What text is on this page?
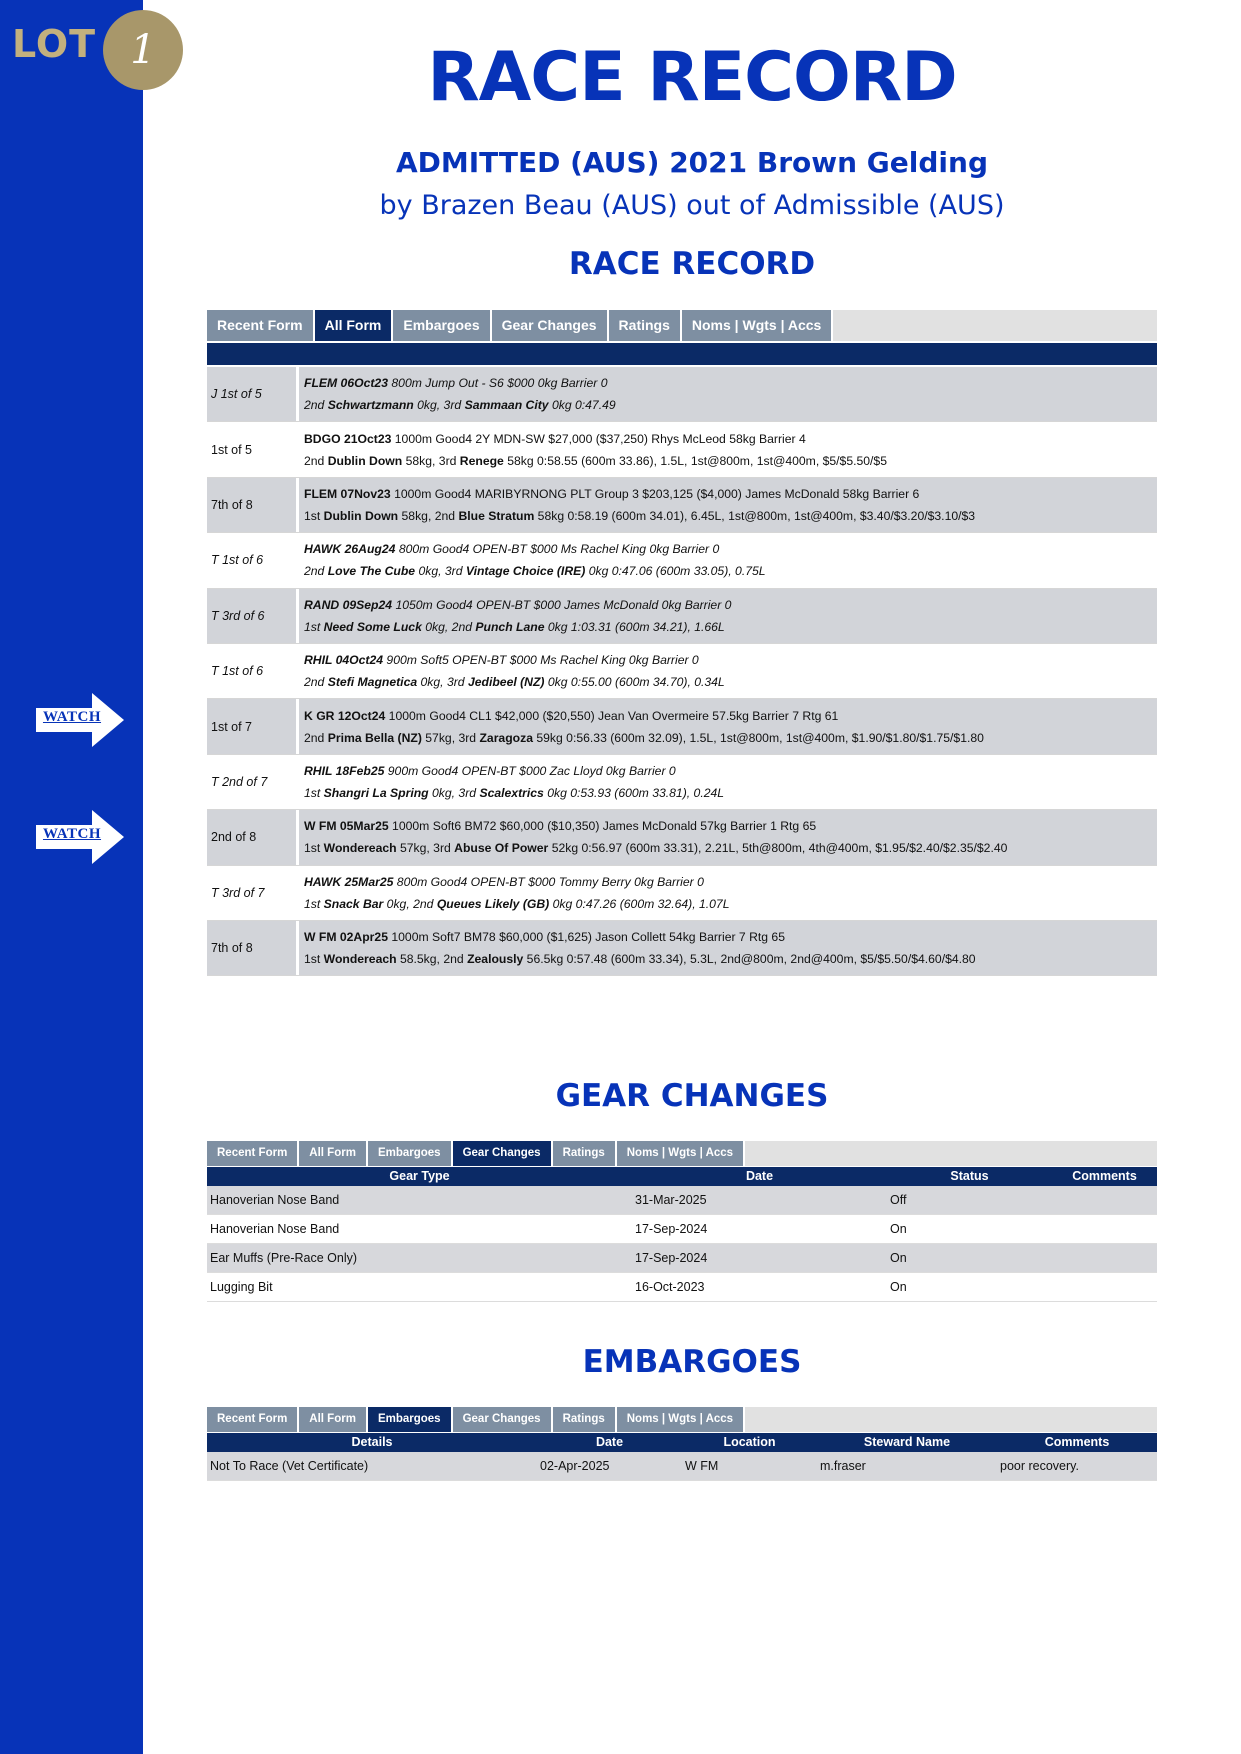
LOT 1
WATCH
WATCH
RACE RECORD
ADMITTED (AUS) 2021 Brown Gelding
by Brazen Beau (AUS) out of Admissible (AUS)
RACE RECORD
Recent Form	All Form	Embargoes	Gear Changes	Ratings	Noms | Wgts | Accs
J 1st of 5
FLEM 06Oct23 800m Jump Out - S6 $000 0kg Barrier 0
2nd Schwartzmann 0kg, 3rd Sammaan City 0kg 0:47.49
1st of 5
BDGO 21Oct23 1000m Good4 2Y MDN-SW $27,000 ($37,250) Rhys McLeod 58kg Barrier 4
2nd Dublin Down 58kg, 3rd Renege 58kg 0:58.55 (600m 33.86), 1.5L, 1st@800m, 1st@400m, $5/$5.50/$5
7th of 8
FLEM 07Nov23 1000m Good4 MARIBYRNONG PLT Group 3 $203,125 ($4,000) James McDonald 58kg Barrier 6
1st Dublin Down 58kg, 2nd Blue Stratum 58kg 0:58.19 (600m 34.01), 6.45L, 1st@800m, 1st@400m, $3.40/$3.20/$3.10/$3
T 1st of 6
HAWK 26Aug24 800m Good4 OPEN-BT $000 Ms Rachel King 0kg Barrier 0
2nd Love The Cube 0kg, 3rd Vintage Choice (IRE) 0kg 0:47.06 (600m 33.05), 0.75L
T 3rd of 6
RAND 09Sep24 1050m Good4 OPEN-BT $000 James McDonald 0kg Barrier 0
1st Need Some Luck 0kg, 2nd Punch Lane 0kg 1:03.31 (600m 34.21), 1.66L
T 1st of 6
RHIL 04Oct24 900m Soft5 OPEN-BT $000 Ms Rachel King 0kg Barrier 0
2nd Stefi Magnetica 0kg, 3rd Jedibeel (NZ) 0kg 0:55.00 (600m 34.70), 0.34L
1st of 7
K GR 12Oct24 1000m Good4 CL1 $42,000 ($20,550) Jean Van Overmeire 57.5kg Barrier 7 Rtg 61
2nd Prima Bella (NZ) 57kg, 3rd Zaragoza 59kg 0:56.33 (600m 32.09), 1.5L, 1st@800m, 1st@400m, $1.90/$1.80/$1.75/$1.80
T 2nd of 7
RHIL 18Feb25 900m Good4 OPEN-BT $000 Zac Lloyd 0kg Barrier 0
1st Shangri La Spring 0kg, 3rd Scalextrics 0kg 0:53.93 (600m 33.81), 0.24L
2nd of 8
W FM 05Mar25 1000m Soft6 BM72 $60,000 ($10,350) James McDonald 57kg Barrier 1 Rtg 65
1st Wondereach 57kg, 3rd Abuse Of Power 52kg 0:56.97 (600m 33.31), 2.21L, 5th@800m, 4th@400m, $1.95/$2.40/$2.35/$2.40
T 3rd of 7
HAWK 25Mar25 800m Good4 OPEN-BT $000 Tommy Berry 0kg Barrier 0
1st Snack Bar 0kg, 2nd Queues Likely (GB) 0kg 0:47.26 (600m 32.64), 1.07L
7th of 8
W FM 02Apr25 1000m Soft7 BM78 $60,000 ($1,625) Jason Collett 54kg Barrier 7 Rtg 65
1st Wondereach 58.5kg, 2nd Zealously 56.5kg 0:57.48 (600m 33.34), 5.3L, 2nd@800m, 2nd@400m, $5/$5.50/$4.60/$4.80
GEAR CHANGES
Recent Form	All Form	Embargoes	Gear Changes	Ratings	Noms | Wgts | Accs
Gear Type	Date	Status	Comments
Hanoverian Nose Band	31-Mar-2025	Off
Hanoverian Nose Band	17-Sep-2024	On
Ear Muffs (Pre-Race Only)	17-Sep-2024	On
Lugging Bit	16-Oct-2023	On
EMBARGOES
Recent Form	All Form	Embargoes	Gear Changes	Ratings	Noms | Wgts | Accs
Details	Date	Location	Steward Name	Comments
Not To Race (Vet Certificate)	02-Apr-2025	W FM	m.fraser	poor recovery.
